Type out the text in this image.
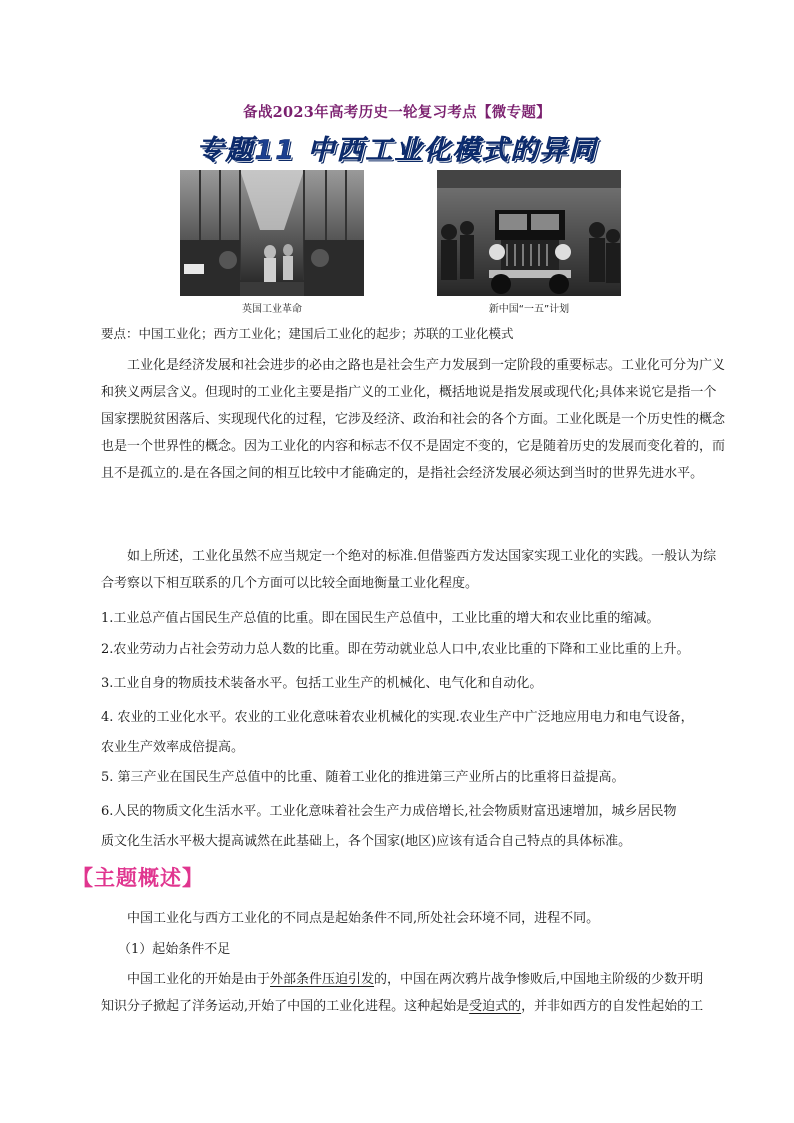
备战2023年高考历史一轮复习考点【微专题】
专题11 中西工业化模式的异同
英国工业革命	新中国“一五”计划
要点：中国工业化；西方工业化；建国后工业化的起步；苏联的工业化模式
工业化是经济发展和社会进步的必由之路也是社会生产力发展到一定阶段的重要标志。工业化可分为广义和狭义两层含义。但现时的工业化主要是指广义的工业化，概括地说是指发展或现代化;具体来说它是指一个国家摆脱贫困落后、实现现代化的过程，它涉及经济、政治和社会的各个方面。工业化既是一个历史性的概念也是一个世界性的概念。因为工业化的内容和标志不仅不是固定不变的，它是随着历史的发展而变化着的，而且不是孤立的.是在各国之间的相互比较中才能确定的，是指社会经济发展必须达到当时的世界先进水平。
如上所述，工业化虽然不应当规定一个绝对的标准.但借鉴西方发达国家实现工业化的实践。一般认为综合考察以下相互联系的几个方面可以比较全面地衡量工业化程度。
1.工业总产值占国民生产总值的比重。即在国民生产总值中，工业比重的增大和农业比重的缩减。
2.农业劳动力占社会劳动力总人数的比重。即在劳动就业总人口中,农业比重的下降和工业比重的上升。
3.工业自身的物质技术装备水平。包括工业生产的机械化、电气化和自动化。
4. 农业的工业化水平。农业的工业化意味着农业机械化的实现.农业生产中广泛地应用电力和电气设备，
农业生产效率成倍提高。
5. 第三产业在国民生产总值中的比重、随着工业化的推进第三产业所占的比重将日益提高。
6.人民的物质文化生活水平。工业化意味着社会生产力成倍增长,社会物质财富迅速增加，城乡居民物
质文化生活水平极大提高诚然在此基础上，各个国家(地区)应该有适合自己特点的具体标准。
【主题概述】
中国工业化与西方工业化的不同点是起始条件不同,所处社会环境不同，进程不同。
（1）起始条件不足
中国工业化的开始是由于外部条件压迫引发的，中国在两次鸦片战争惨败后,中国地主阶级的少数开明
知识分子掀起了洋务运动,开始了中国的工业化进程。这种起始是受迫式的，并非如西方的自发性起始的工
